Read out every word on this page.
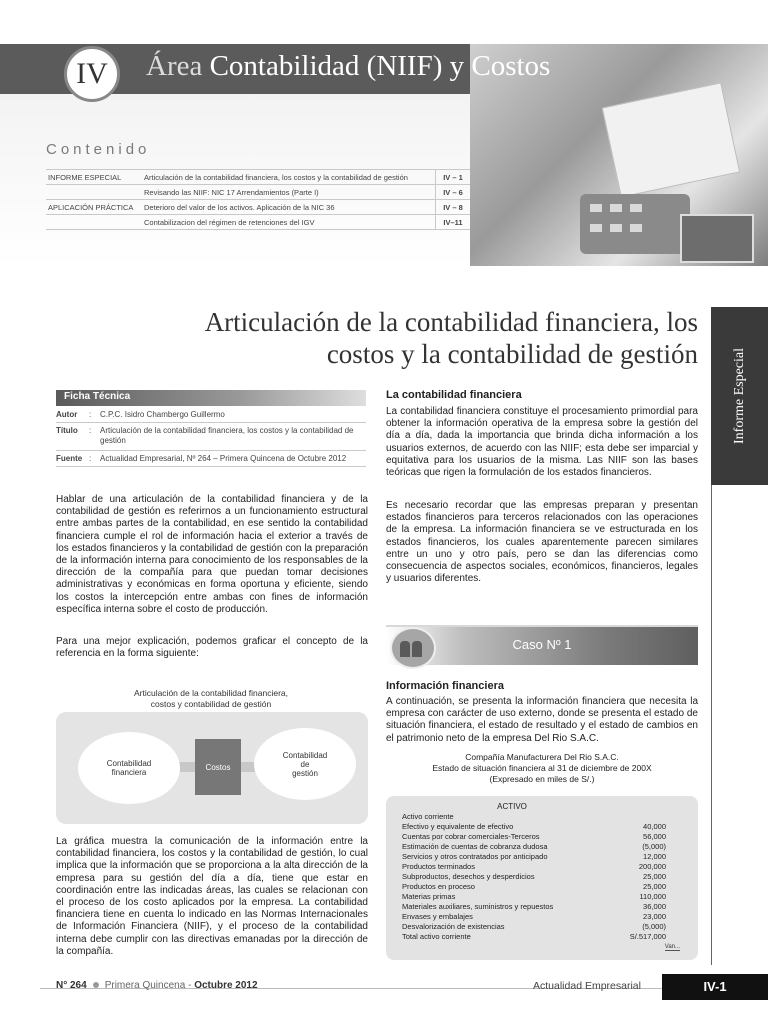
IV	Área Contabilidad (NIIF) y Costos
Contenido
INFORME ESPECIAL	Articulación de la contabilidad financiera, los costos y la contabilidad de gestión	IV – 1
	Revisando las NIIF: NIC 17 Arrendamientos (Parte I)	IV – 6
APLICACIÓN PRÁCTICA	Deterioro del valor de los activos. Aplicación de la NIC 36	IV – 8
	Contabilizacion del régimen de retenciones del IGV	IV–11
Informe Especial
Articulación de la contabilidad financiera, los
costos y la contabilidad de gestión
Ficha Técnica
Autor	: C.P.C. Isidro Chambergo Guillermo
Título	: Articulación de la contabilidad financiera, los costos y la contabilidad de gestión
Fuente : Actualidad Empresarial, Nº 264 – Primera Quincena de Octubre 2012
Hablar de una articulación de la contabilidad financiera y de la contabilidad de gestión es referirnos a un funcionamiento estructural entre ambas partes de la contabilidad, en ese sentido la contabilidad financiera cumple el rol de información hacia el exterior a través de los estados financieros y la contabilidad de gestión con la preparación de la información interna para conocimiento de los responsables de la dirección de la compañía para que puedan tomar decisiones administrativas y económicas en forma oportuna y eficiente, siendo los costos la intercepción entre ambas con fines de información específica interna sobre el costo de producción.
Para una mejor explicación, podemos graficar el concepto de la referencia en la forma siguiente:
Articulación de la contabilidad financiera,
costos y contabilidad de gestión
Contabilidad
financiera
Costos
Contabilidad
de
gestión
La gráfica muestra la comunicación de la información entre la contabilidad financiera, los costos y la contabilidad de gestión, lo cual implica que la información que se proporciona a la alta dirección de la empresa para su gestión del día a día, tiene que estar en coordinación entre las indicadas áreas, las cuales se relacionan con el proceso de los costo aplicados por la empresa. La contabilidad financiera tiene en cuenta lo indicado en las Normas Internacionales de Información Financiera (NIIF), y el proceso de la contabilidad interna debe cumplir con las directivas emanadas por la dirección de la compañía.
La contabilidad financiera
La contabilidad financiera constituye el procesamiento primordial para obtener la información operativa de la empresa sobre la gestión del día a día, dada la importancia que brinda dicha información a los usuarios externos, de acuerdo con las NIIF; esta debe ser imparcial y equitativa para los usuarios de la misma. Las NIIF son las bases teóricas que rigen la formulación de los estados financieros.
Es necesario recordar que las empresas preparan y presentan estados financieros para terceros relacionados con las operaciones de la empresa. La información financiera se ve estructurada en los estados financieros, los cuales aparentemente parecen similares entre un uno y otro país, pero se dan las diferencias como consecuencia de aspectos sociales, económicos, financieros, legales y usuarios diferentes.
Caso Nº 1
Información financiera
A continuación, se presenta la información financiera que necesita la empresa con carácter de uso externo, donde se presenta el estado de situación financiera, el estado de resultado y el estado de cambios en el patrimonio neto de la empresa Del Rio S.A.C.
Compañía Manufacturera Del Rio S.A.C.
Estado de situación financiera al 31 de diciembre de 200X
(Expresado en miles de S/.)
ACTIVO
Activo corriente
Van...
Efectivo y equivalente de efectivo	40,000
Cuentas por cobrar comerciales-Terceros	56,000
Estimación de cuentas de cobranza dudosa	(5,000)
Servicios y otros contratados por anticipado	12,000
Productos terminados	200,000
Subproductos, desechos y desperdicios	25,000
Productos en proceso	25,000
Materias primas	110,000
Materiales auxiliares, suministros y repuestos	36,000
Envases y embalajes	23,000
Desvalorización de existencias	(5,000)
Total activo corriente	S/.517,000
N° 264 Primera Quincena - Octubre 2012	Actualidad Empresarial	IV-1
